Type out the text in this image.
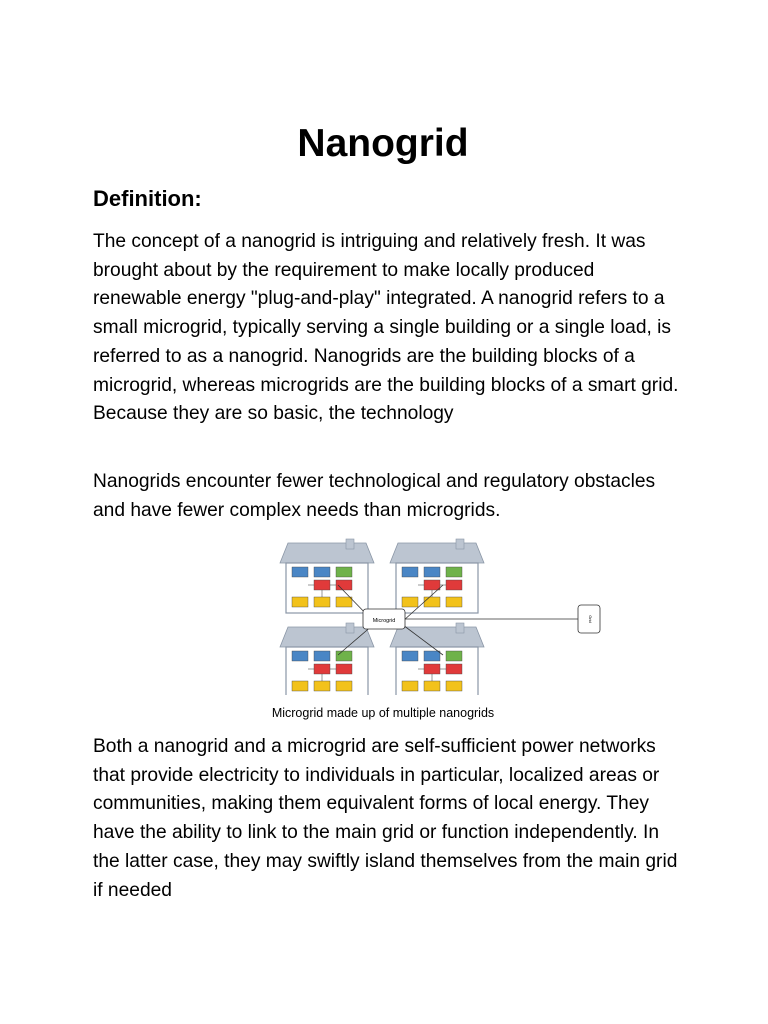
Nanogrid
Definition:

The concept of a nanogrid is intriguing and relatively fresh. It was brought about by the requirement to make locally produced renewable energy "plug-and-play" integrated. A nanogrid refers to a small microgrid, typically serving a single building or a single load, is referred to as a nanogrid. Nanogrids are the building blocks of a microgrid, whereas microgrids are the building blocks of a smart grid. Because they are so basic, the technology

Nanogrids encounter fewer technological and regulatory obstacles and have fewer complex needs than microgrids.

Microgrid	Grid
Microgrid made up of multiple nanogrids

Both a nanogrid and a microgrid are self-sufficient power networks that provide electricity to individuals in particular, localized areas or communities, making them equivalent forms of local energy. They have the ability to link to the main grid or function independently. In the latter case, they may swiftly island themselves from the main grid if needed
